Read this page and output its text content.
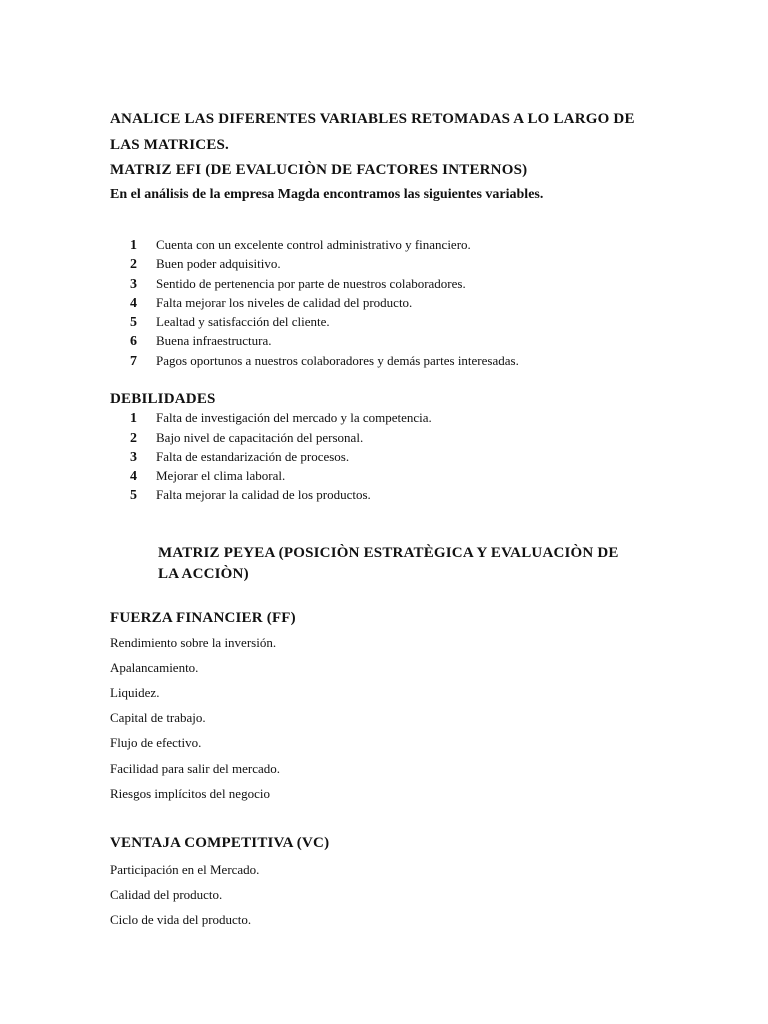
ANALICE LAS DIFERENTES VARIABLES RETOMADAS A LO LARGO DE
LAS MATRICES.
MATRIZ EFI (DE EVALUCIÒN DE FACTORES INTERNOS)
En el análisis de la empresa Magda encontramos las siguientes variables.
1 Cuenta con un excelente control administrativo y financiero.
2 Buen poder adquisitivo.
3 Sentido de pertenencia por parte de nuestros colaboradores.
4 Falta mejorar los niveles de calidad del producto.
5 Lealtad y satisfacción del cliente.
6 Buena infraestructura.
7 Pagos oportunos a nuestros colaboradores y demás partes interesadas.
DEBILIDADES
1 Falta de investigación del mercado y la competencia.
2 Bajo nivel de capacitación del personal.
3 Falta de estandarización de procesos.
4 Mejorar el clima laboral.
5 Falta mejorar la calidad de los productos.
MATRIZ PEYEA (POSICIÒN ESTRATÈGICA Y EVALUACIÒN DE
LA ACCIÒN)
FUERZA FINANCIER (FF)
Rendimiento sobre la inversión.
Apalancamiento.
Liquidez.
Capital de trabajo.
Flujo de efectivo.
Facilidad para salir del mercado.
Riesgos implícitos del negocio
VENTAJA COMPETITIVA (VC)
Participación en el Mercado.
Calidad del producto.
Ciclo de vida del producto.
